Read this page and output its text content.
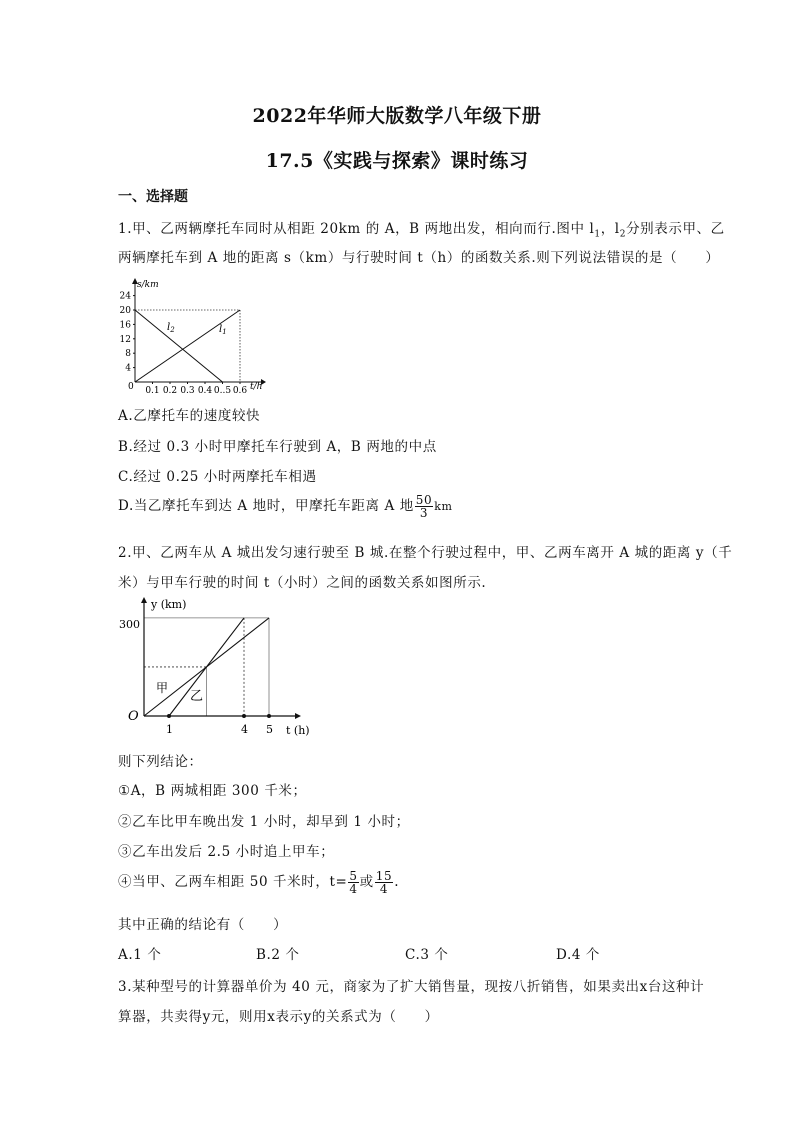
2022年华师大版数学八年级下册
17.5《实践与探索》课时练习
一、选择题
1.甲、乙两辆摩托车同时从相距 20km 的 A，B 两地出发，相向而行.图中 $l_1$，$l_2$分别表示甲、乙
两辆摩托车到 A 地的距离 s（km）与行驶时间 t（h）的函数关系.则下列说法错误的是（　　）
24
20
16
12
8
4
0.1 0.2 0.3 0.4 0..5 0.6
s/km
t/h
0
$l_2$	$l_1$
A.乙摩托车的速度较快
B.经过 0.3 小时甲摩托车行驶到 A，B 两地的中点
C.经过 0.25 小时两摩托车相遇
D.当乙摩托车到达 A 地时，甲摩托车距离 A 地 $\frac{50}{3}$ km
2.甲、乙两车从 A 城出发匀速行驶至 B 城.在整个行驶过程中，甲、乙两车离开 A 城的距离 y（千
米）与甲车行驶的时间 t（小时）之间的函数关系如图所示.
y (km)
t (h)
O
300
1	4 5
甲
乙
则下列结论：
①A，B 两城相距 300 千米；
②乙车比甲车晚出发 1 小时，却早到 1 小时；
③乙车出发后 2.5 小时追上甲车；
④当甲、乙两车相距 50 千米时，$t= \frac{5}{4}$ 或 $\frac{15}{4}$ .
其中正确的结论有（　　）
A.1 个	B.2 个	C.3 个	D.4 个
3.某种型号的计算器单价为 40 元，商家为了扩大销售量，现按八折销售，如果卖出x台这种计
算器，共卖得y元，则用x表示y的关系式为（　　）
